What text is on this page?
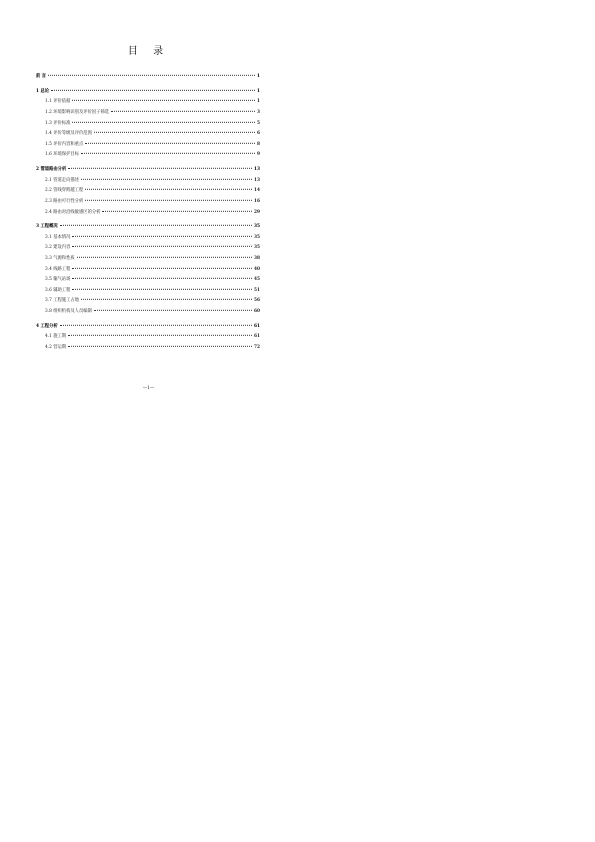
目 录
前 言	1
1 总论	1
1.1 评价依据	1
1.2 环境影响识别及评价因子筛选	3
1.3 评价标准	5
1.4 评价等级及评价范围	6
1.5 评价内容和重点	8
1.6 环境保护目标	9
2 管道路由分析	13
2.1 管道走向描述	13
2.2 管线穿跨越工程	14
2.3 路由可行性分析	16
2.4 路由对沿线敏感区的分析	29
3 工程概况	35
3.1 基本情况	35
3.2 建设内容	35
3.3 气源和性质	38
3.4 线路工程	40
3.5 输气站场	45
3.6 辅助工程	51
3.7 工程施工占地	56
3.8 组织机构及人员编制	60
4 工程分析	61
4.1 施工期	61
4.2 营运期	72
—1—
